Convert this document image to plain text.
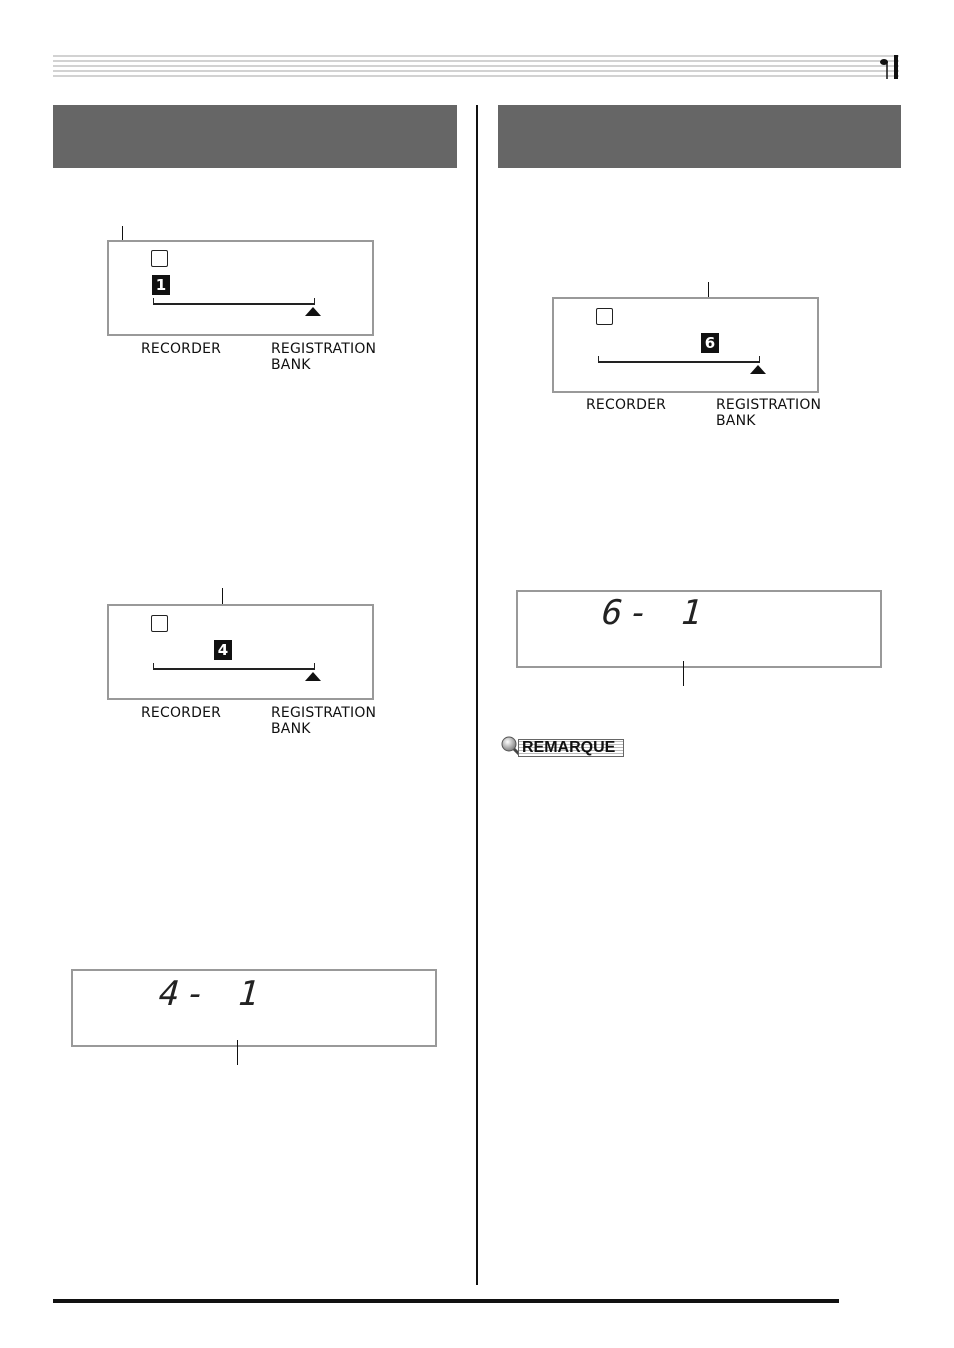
1
RECORDER	REGISTRATION
BANK
4
RECORDER	REGISTRATION
BANK
4- 1
6
RECORDER	REGISTRATION
BANK
6- 1
REMARQUE
